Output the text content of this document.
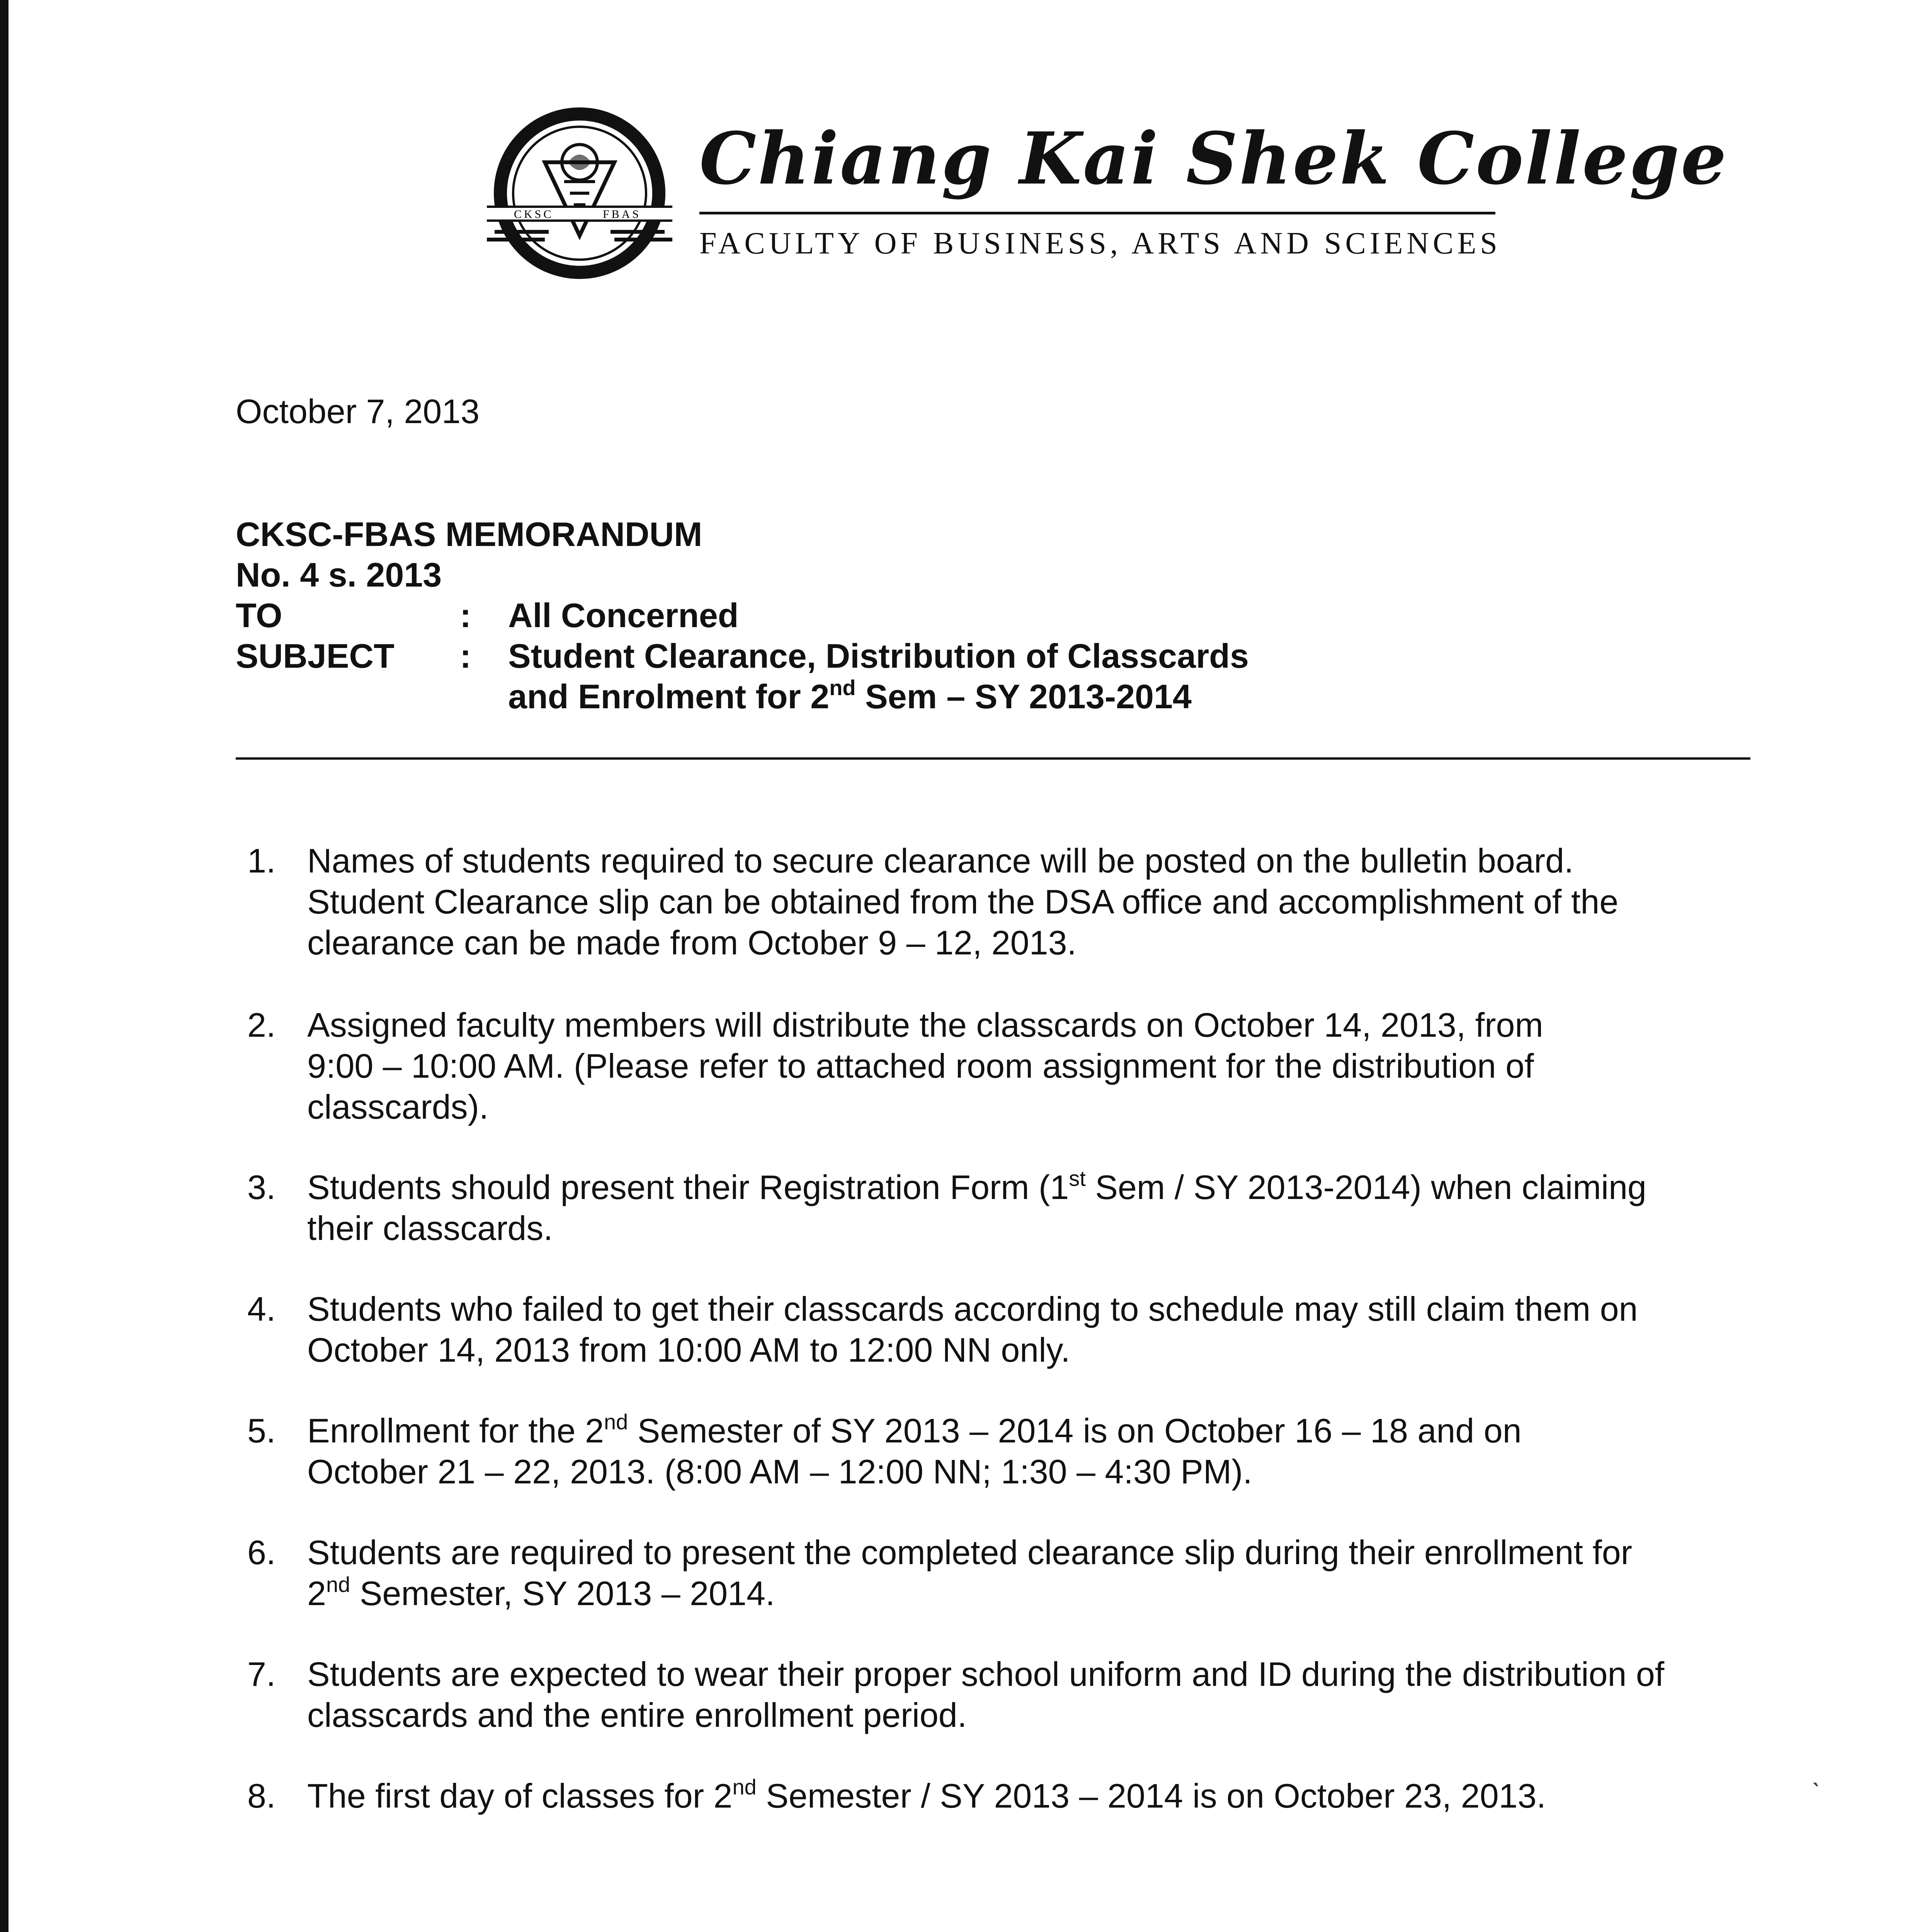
CKSC	FBAS
Chiang Kai Shek College
FACULTY OF BUSINESS, ARTS AND SCIENCES
October 7, 2013
CKSC-FBAS MEMORANDUM
No. 4 s. 2013
TO	: All Concerned
SUBJECT : Student Clearance, Distribution of Classcards
and Enrolment for 2nd Sem – SY 2013-2014
1. Names of students required to secure clearance will be posted on the bulletin board.
Student Clearance slip can be obtained from the DSA office and accomplishment of the
clearance can be made from October 9 – 12, 2013.
2. Assigned faculty members will distribute the classcards on October 14, 2013, from
9:00 – 10:00 AM. (Please refer to attached room assignment for the distribution of
classcards).
3. Students should present their Registration Form (1st Sem / SY 2013-2014) when claiming
their classcards.
4. Students who failed to get their classcards according to schedule may still claim them on
October 14, 2013 from 10:00 AM to 12:00 NN only.
5. Enrollment for the 2nd Semester of SY 2013 – 2014 is on October 16 – 18 and on
October 21 – 22, 2013. (8:00 AM – 12:00 NN; 1:30 – 4:30 PM).
6. Students are required to present the completed clearance slip during their enrollment for
2nd Semester, SY 2013 – 2014.
7. Students are expected to wear their proper school uniform and ID during the distribution of
classcards and the entire enrollment period.
8. The first day of classes for 2nd Semester / SY 2013 – 2014 is on October 23, 2013.	ˋ
